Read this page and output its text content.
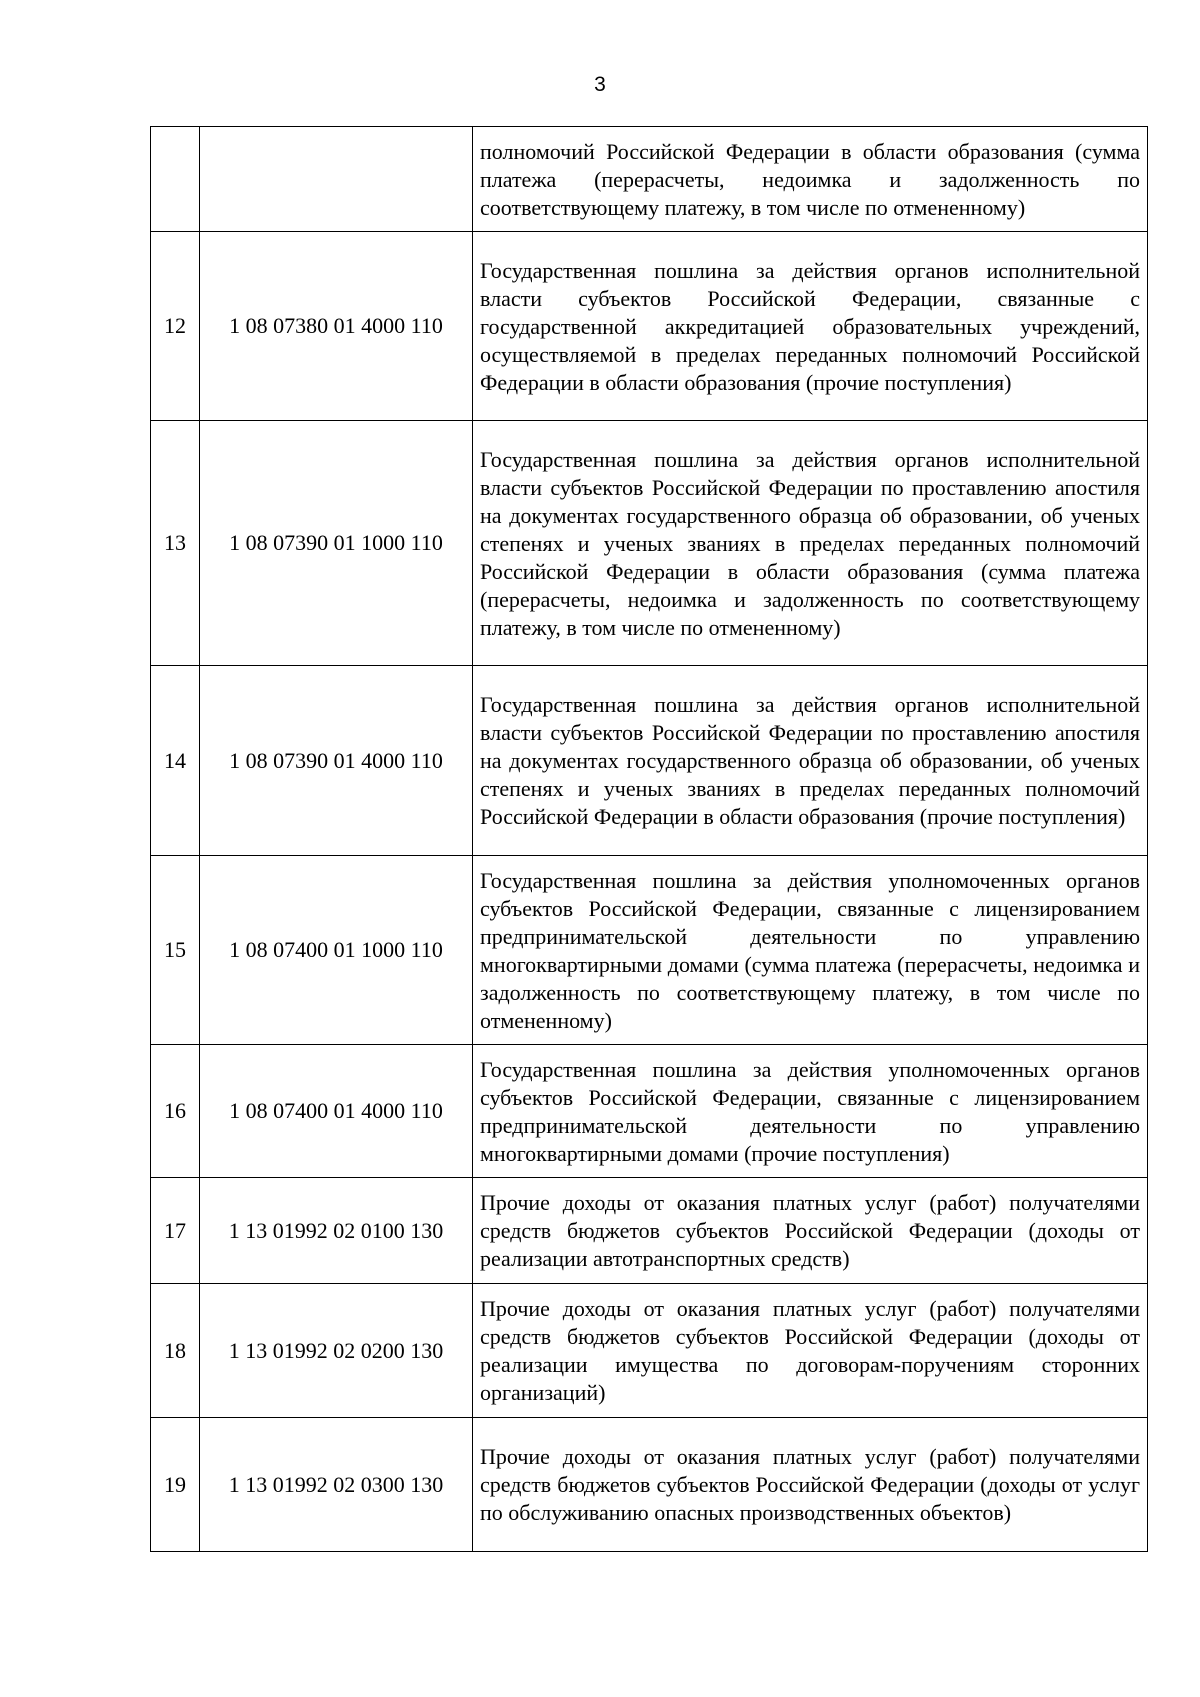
3
		полномочий Российской Федерации в области образования (сумма платежа (перерасчеты, недоимка и задолженность по соответствующему платежу, в том числе по отмененному)
12	1 08 07380 01 4000 110	Государственная пошлина за действия органов исполнительной власти субъектов Российской Федерации, связанные с государственной аккредитацией образовательных учреждений, осуществляемой в пределах переданных полномочий Российской Федерации в области образования (прочие поступления)
13	1 08 07390 01 1000 110	Государственная пошлина за действия органов исполнительной власти субъектов Российской Федерации по проставлению апостиля на документах государственного образца об образовании, об ученых степенях и ученых званиях в пределах переданных полномочий Российской Федерации в области образования (сумма платежа (перерасчеты, недоимка и задолженность по соответствующему платежу, в том числе по отмененному)
14	1 08 07390 01 4000 110	Государственная пошлина за действия органов исполнительной власти субъектов Российской Федерации по проставлению апостиля на документах государственного образца об образовании, об ученых степенях и ученых званиях в пределах переданных полномочий Российской Федерации в области образования (прочие поступления)
15	1 08 07400 01 1000 110	Государственная пошлина за действия уполномоченных органов субъектов Российской Федерации, связанные с лицензированием предпринимательской деятельности по управлению многоквартирными домами (сумма платежа (перерасчеты, недоимка и задолженность по соответствующему платежу, в том числе по отмененному)
16	1 08 07400 01 4000 110	Государственная пошлина за действия уполномоченных органов субъектов Российской Федерации, связанные с лицензированием предпринимательской деятельности по управлению многоквартирными домами (прочие поступления)
17	1 13 01992 02 0100 130	Прочие доходы от оказания платных услуг (работ) получателями средств бюджетов субъектов Российской Федерации (доходы от реализации автотранспортных средств)
18	1 13 01992 02 0200 130	Прочие доходы от оказания платных услуг (работ) получателями средств бюджетов субъектов Российской Федерации (доходы от реализации имущества по договорам-поручениям сторонних организаций)
19	1 13 01992 02 0300 130	Прочие доходы от оказания платных услуг (работ) получателями средств бюджетов субъектов Российской Федерации (доходы от услуг по обслуживанию опасных производственных объектов)
